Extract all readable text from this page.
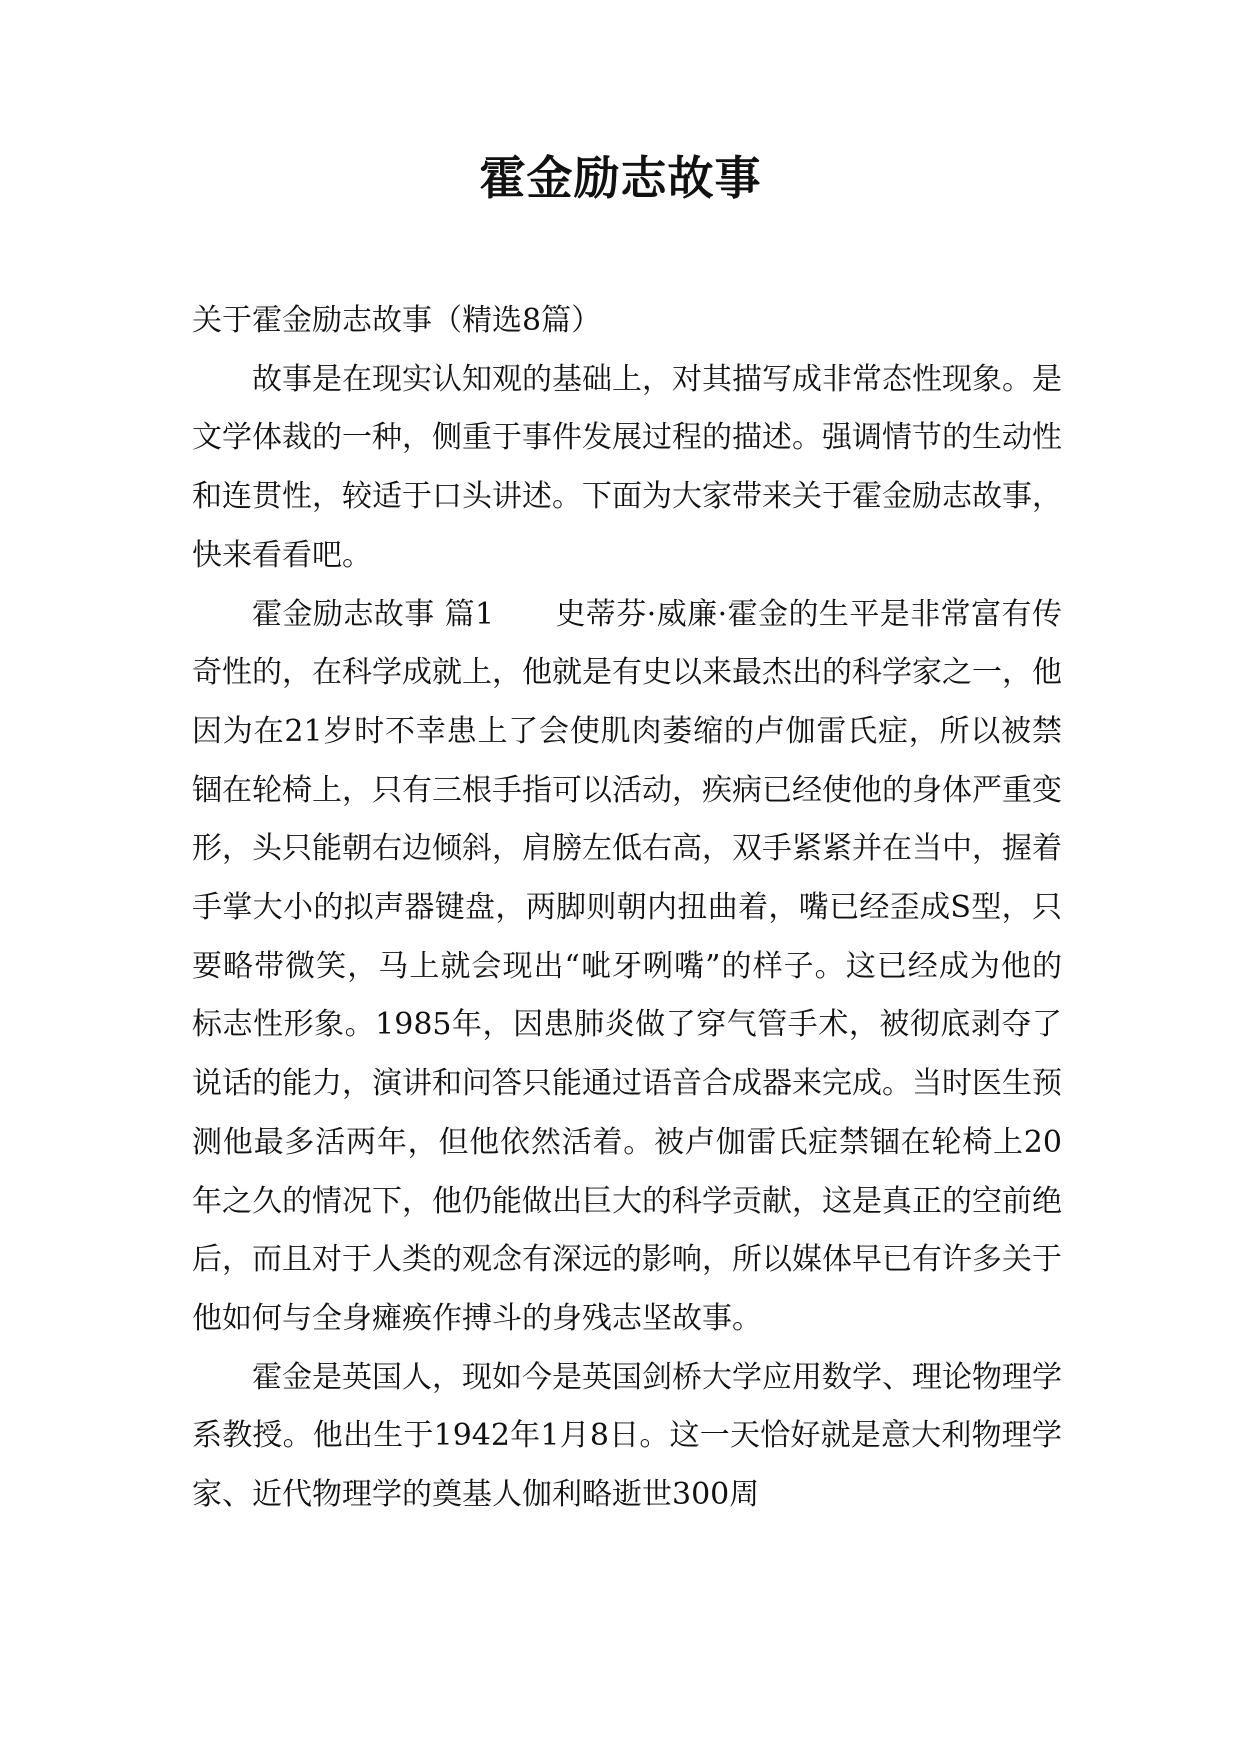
霍金励志故事

关于霍金励志故事（精选8篇）

故事是在现实认知观的基础上，对其描写成非常态性现象。是文学体裁的一种，侧重于事件发展过程的描述。强调情节的生动性和连贯性，较适于口头讲述。下面为大家带来关于霍金励志故事，快来看看吧。

霍金励志故事 篇1　　史蒂芬·威廉·霍金的生平是非常富有传奇性的，在科学成就上，他就是有史以来最杰出的科学家之一，他因为在21岁时不幸患上了会使肌肉萎缩的卢伽雷氏症，所以被禁锢在轮椅上，只有三根手指可以活动，疾病已经使他的身体严重变形，头只能朝右边倾斜，肩膀左低右高，双手紧紧并在当中，握着手掌大小的拟声器键盘，两脚则朝内扭曲着，嘴已经歪成S型，只要略带微笑，马上就会现出“呲牙咧嘴”的样子。这已经成为他的标志性形象。1985年，因患肺炎做了穿气管手术，被彻底剥夺了说话的能力，演讲和问答只能通过语音合成器来完成。当时医生预测他最多活两年，但他依然活着。被卢伽雷氏症禁锢在轮椅上20年之久的情况下，他仍能做出巨大的科学贡献，这是真正的空前绝后，而且对于人类的观念有深远的影响，所以媒体早已有许多关于他如何与全身瘫痪作搏斗的身残志坚故事。

霍金是英国人，现如今是英国剑桥大学应用数学、理论物理学系教授。他出生于1942年1月8日。这一天恰好就是意大利物理学家、近代物理学的奠基人伽利略逝世300周
